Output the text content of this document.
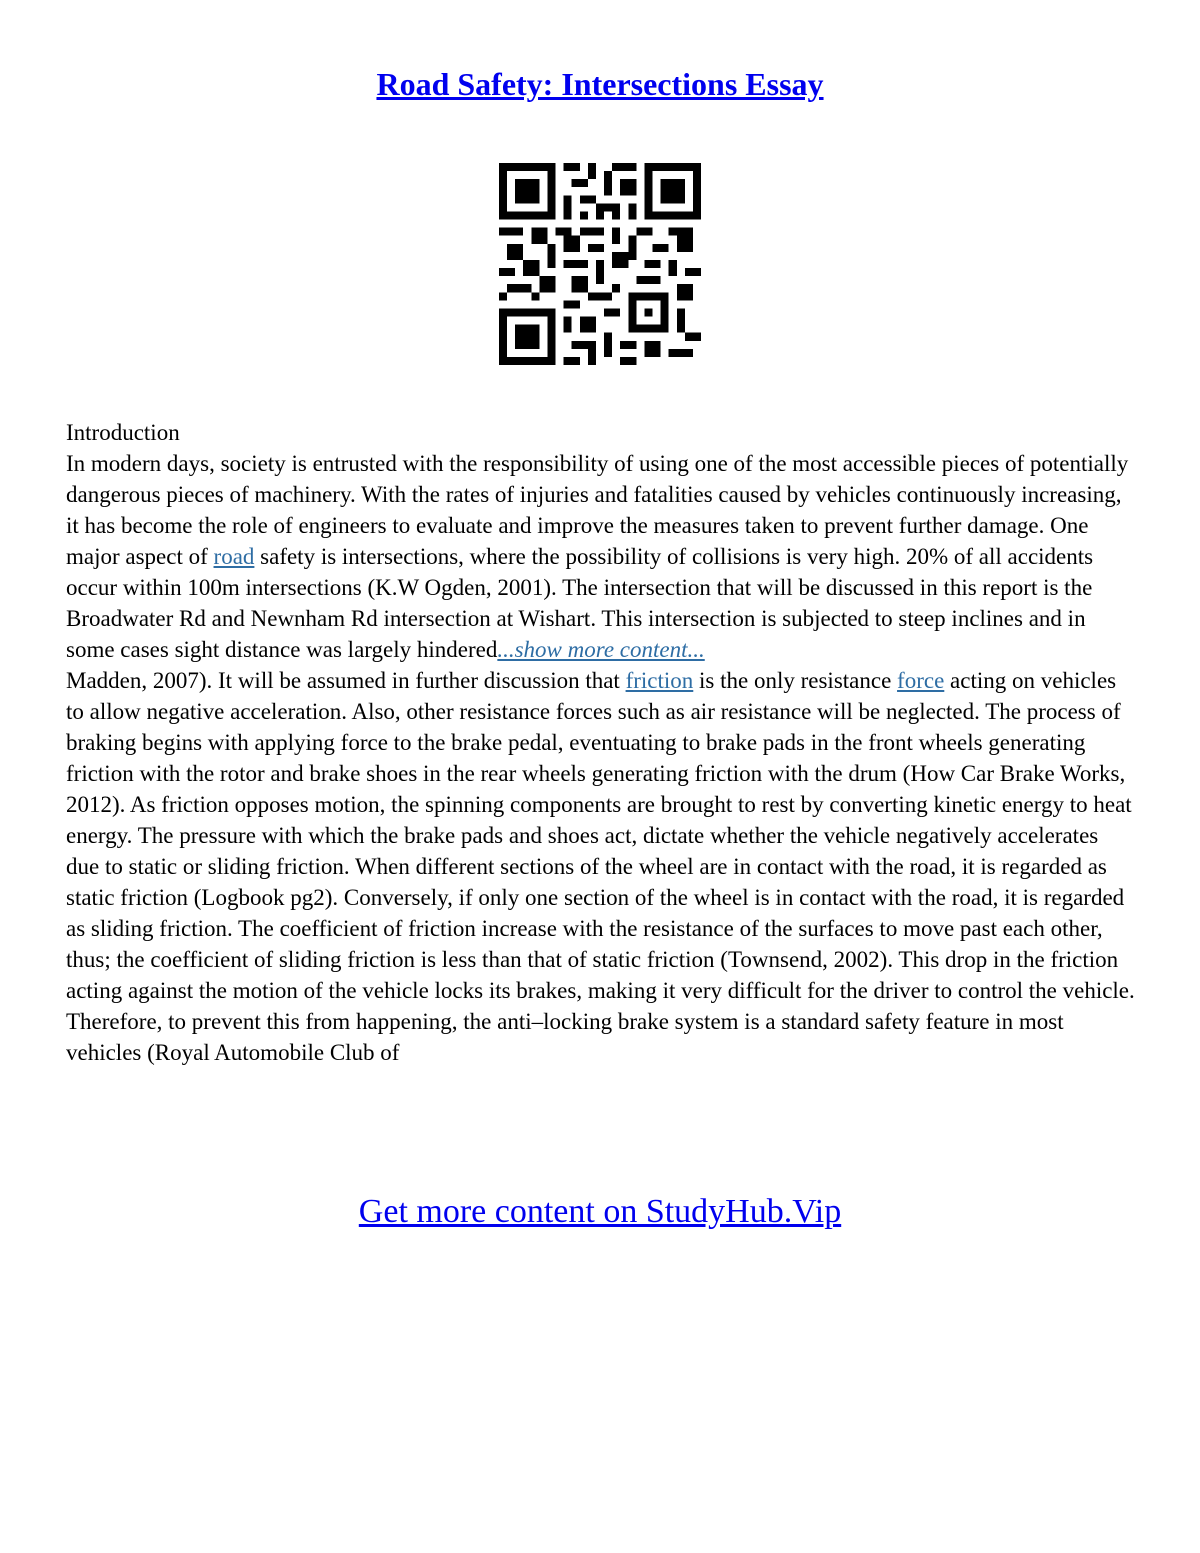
Road Safety: Intersections Essay

Introduction

In modern days, society is entrusted with the responsibility of using one of the most accessible pieces of potentially dangerous pieces of machinery. With the rates of injuries and fatalities caused by vehicles continuously increasing, it has become the role of engineers to evaluate and improve the measures taken to prevent further damage. One major aspect of road safety is intersections, where the possibility of collisions is very high. 20% of all accidents occur within 100m intersections (K.W Ogden, 2001). The intersection that will be discussed in this report is the Broadwater Rd and Newnham Rd intersection at Wishart. This intersection is subjected to steep inclines and in some cases sight distance was largely hindered...show more content...

Madden, 2007). It will be assumed in further discussion that friction is the only resistance force acting on vehicles to allow negative acceleration. Also, other resistance forces such as air resistance will be neglected. The process of braking begins with applying force to the brake pedal, eventuating to brake pads in the front wheels generating friction with the rotor and brake shoes in the rear wheels generating friction with the drum (How Car Brake Works, 2012). As friction opposes motion, the spinning components are brought to rest by converting kinetic energy to heat energy. The pressure with which the brake pads and shoes act, dictate whether the vehicle negatively accelerates due to static or sliding friction. When different sections of the wheel are in contact with the road, it is regarded as static friction (Logbook pg2). Conversely, if only one section of the wheel is in contact with the road, it is regarded as sliding friction. The coefficient of friction increase with the resistance of the surfaces to move past each other, thus; the coefficient of sliding friction is less than that of static friction (Townsend, 2002). This drop in the friction acting against the motion of the vehicle locks its brakes, making it very difficult for the driver to control the vehicle. Therefore, to prevent this from happening, the anti–locking brake system is a standard safety feature in most vehicles (Royal Automobile Club of

Get more content on StudyHub.Vip
